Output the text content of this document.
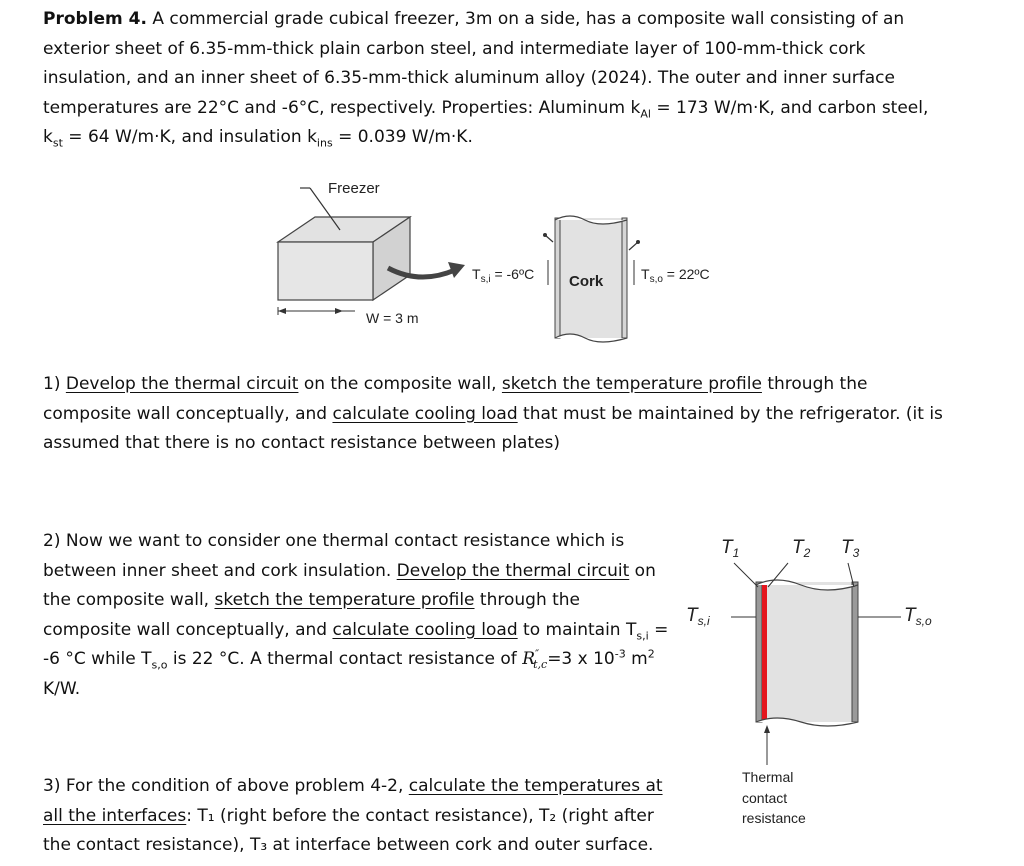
Problem 4. A commercial grade cubical freezer, 3m on a side, has a composite wall consisting of an
exterior sheet of 6.35-mm-thick plain carbon steel, and intermediate layer of 100-mm-thick cork
insulation, and an inner sheet of 6.35-mm-thick aluminum alloy (2024). The outer and inner surface
temperatures are 22°C and -6°C, respectively. Properties: Aluminum $k_{Al} = 173$ W/m·K, and carbon steel,
$k_{st} = 64$ W/m·K, and insulation $k_{ins} = 0.039$ W/m·K.
Freezer
W = 3 m
$T_{s,i}$ = -6ºC Cork	$T_{s,o}$ = 22ºC
1) Develop the thermal circuit on the composite wall, sketch the temperature profile through the
composite wall conceptually, and calculate cooling load that must be maintained by the refrigerator. (it is
assumed that there is no contact resistance between plates)
2) Now we want to consider one thermal contact resistance which is
between inner sheet and cork insulation. Develop the thermal circuit on
the composite wall, sketch the temperature profile through the
composite wall conceptually, and calculate cooling load to maintain $T_{s,i}$ =
-6 °C while $T_{s,o}$ is 22 °C. A thermal contact resistance of $R''_{t,c}=3$ x $10^{-3}$ $m^2$
K/W.
$T_1$	$T_2$ $T_3$
$T_{s,i}$	$T_{s,o}$
Thermal
contact
resistance
3) For the condition of above problem 4-2, calculate the temperatures at
all the interfaces: T₁ (right before the contact resistance), T₂ (right after
the contact resistance), T₃ at interface between cork and outer surface.
